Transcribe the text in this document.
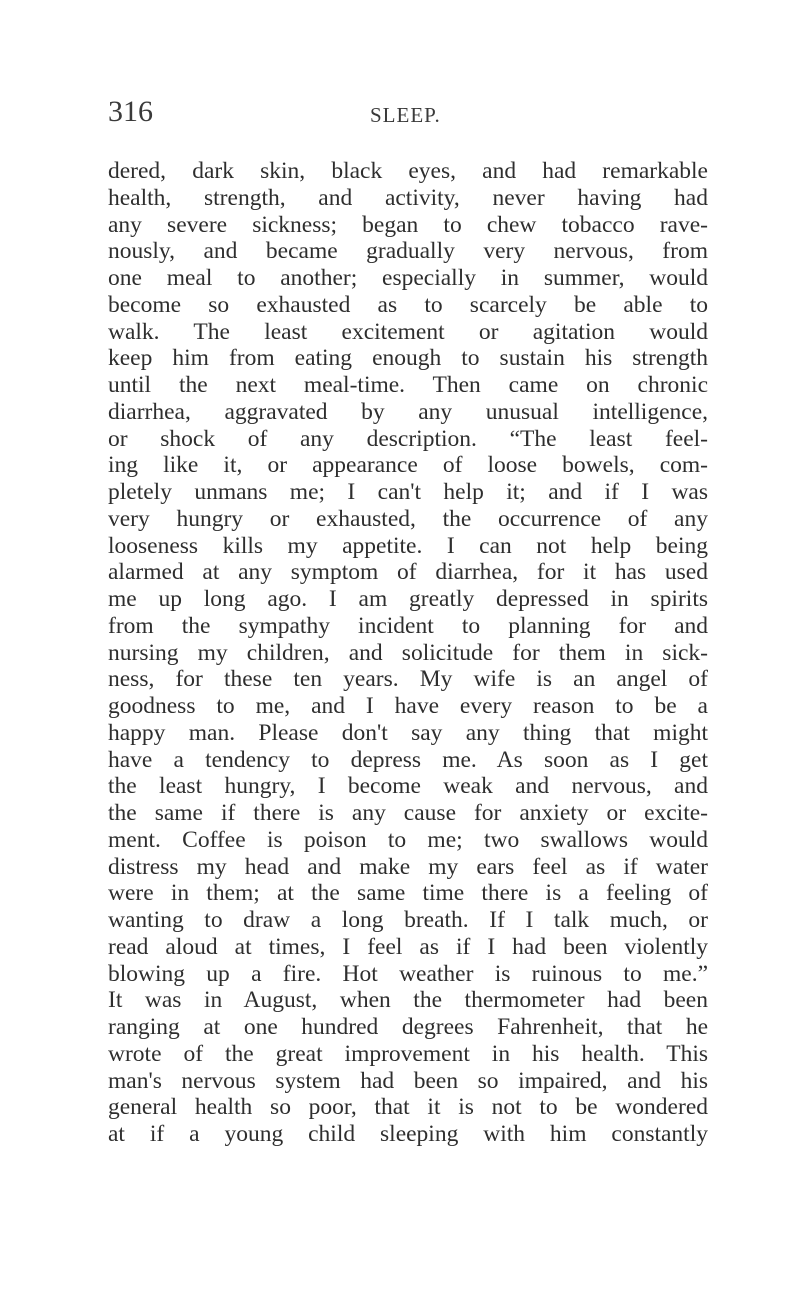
316	SLEEP.
dered, dark skin, black eyes, and had remarkable
health, strength, and activity, never having had
any severe sickness; began to chew tobacco rave-
nously, and became gradually very nervous, from
one meal to another; especially in summer, would
become so exhausted as to scarcely be able to
walk. The least excitement or agitation would
keep him from eating enough to sustain his strength
until the next meal-time. Then came on chronic
diarrhea, aggravated by any unusual intelligence,
or shock of any description. “The least feel-
ing like it, or appearance of loose bowels, com-
pletely unmans me; I can't help it; and if I was
very hungry or exhausted, the occurrence of any
looseness kills my appetite. I can not help being
alarmed at any symptom of diarrhea, for it has used
me up long ago. I am greatly depressed in spirits
from the sympathy incident to planning for and
nursing my children, and solicitude for them in sick-
ness, for these ten years. My wife is an angel of
goodness to me, and I have every reason to be a
happy man. Please don't say any thing that might
have a tendency to depress me. As soon as I get
the least hungry, I become weak and nervous, and
the same if there is any cause for anxiety or excite-
ment. Coffee is poison to me; two swallows would
distress my head and make my ears feel as if water
were in them; at the same time there is a feeling of
wanting to draw a long breath. If I talk much, or
read aloud at times, I feel as if I had been violently
blowing up a fire. Hot weather is ruinous to me.”
It was in August, when the thermometer had been
ranging at one hundred degrees Fahrenheit, that he
wrote of the great improvement in his health. This
man's nervous system had been so impaired, and his
general health so poor, that it is not to be wondered
at if a young child sleeping with him constantly
